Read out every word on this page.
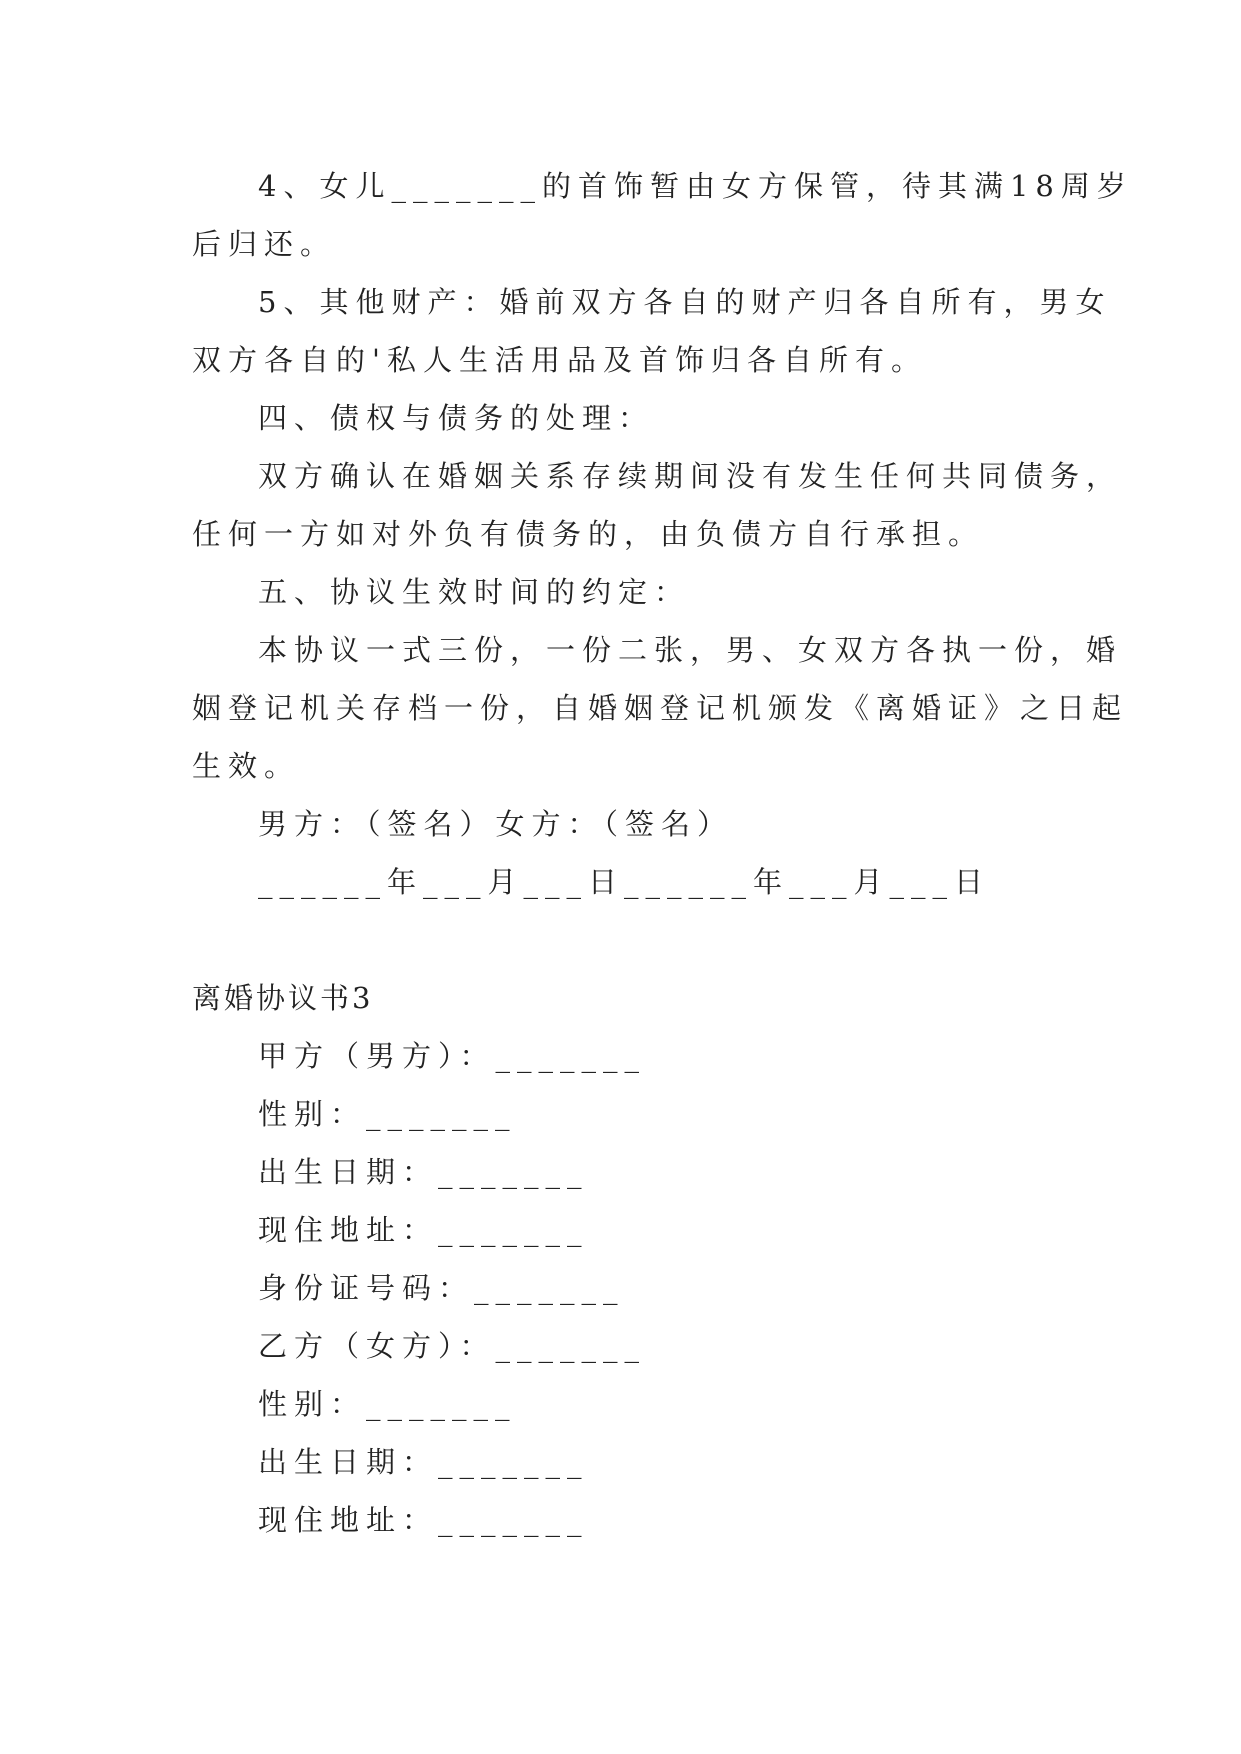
4、女儿_______的首饰暂由女方保管，待其满18周岁

后归还。

5、其他财产：婚前双方各自的财产归各自所有，男女

双方各自的'私人生活用品及首饰归各自所有。

四、债权与债务的处理：

双方确认在婚姻关系存续期间没有发生任何共同债务，

任何一方如对外负有债务的，由负债方自行承担。

五、协议生效时间的约定：

本协议一式三份，一份二张，男、女双方各执一份，婚

姻登记机关存档一份，自婚姻登记机颁发《离婚证》之日起

生效。

男方：（签名）女方：（签名）

______年___月___日______年___月___日

离婚协议书3

甲方（男方）：_______

性别：_______

出生日期：_______

现住地址：_______

身份证号码：_______

乙方（女方）：_______

性别：_______

出生日期：_______

现住地址：_______
